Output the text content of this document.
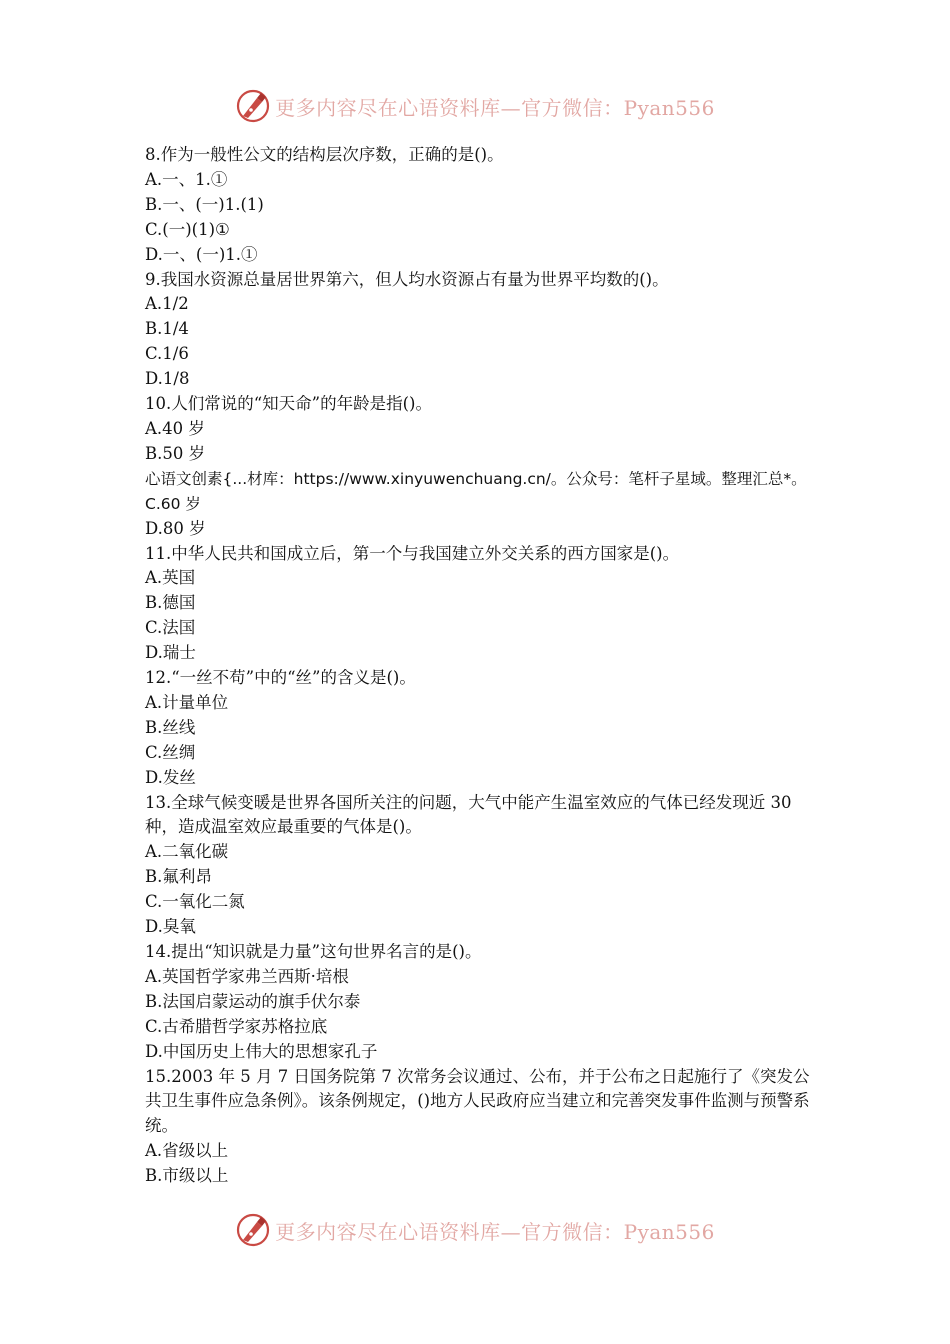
更多内容尽在心语资料库—官方微信：Pyan556
8.作为一般性公文的结构层次序数，正确的是()。
A.一、1.①
B.一、(一)1.(1)
C.(一)(1)①
D.一、(一)1.①
9.我国水资源总量居世界第六，但人均水资源占有量为世界平均数的()。
A.1/2
B.1/4
C.1/6
D.1/8
10.人们常说的“知天命”的年龄是指()。
A.40 岁
B.50 岁
心语文创素{...材库：https://www.xinyuwenchuang.cn/。公众号：笔杆子星域。整理汇总*。C.60 岁
D.80 岁
11.中华人民共和国成立后，第一个与我国建立外交关系的西方国家是()。
A.英国
B.德国
C.法国
D.瑞士
12.“一丝不苟”中的“丝”的含义是()。
A.计量单位
B.丝线
C.丝绸
D.发丝
13.全球气候变暖是世界各国所关注的问题，大气中能产生温室效应的气体已经发现近 30 种，造成温室效应最重要的气体是()。
A.二氧化碳
B.氟利昂
C.一氧化二氮
D.臭氧
14.提出“知识就是力量”这句世界名言的是()。
A.英国哲学家弗兰西斯·培根
B.法国启蒙运动的旗手伏尔泰
C.古希腊哲学家苏格拉底
D.中国历史上伟大的思想家孔子
15.2003 年 5 月 7 日国务院第 7 次常务会议通过、公布，并于公布之日起施行了《突发公共卫生事件应急条例》。该条例规定，()地方人民政府应当建立和完善突发事件监测与预警系统。
A.省级以上
B.市级以上
更多内容尽在心语资料库—官方微信：Pyan556
